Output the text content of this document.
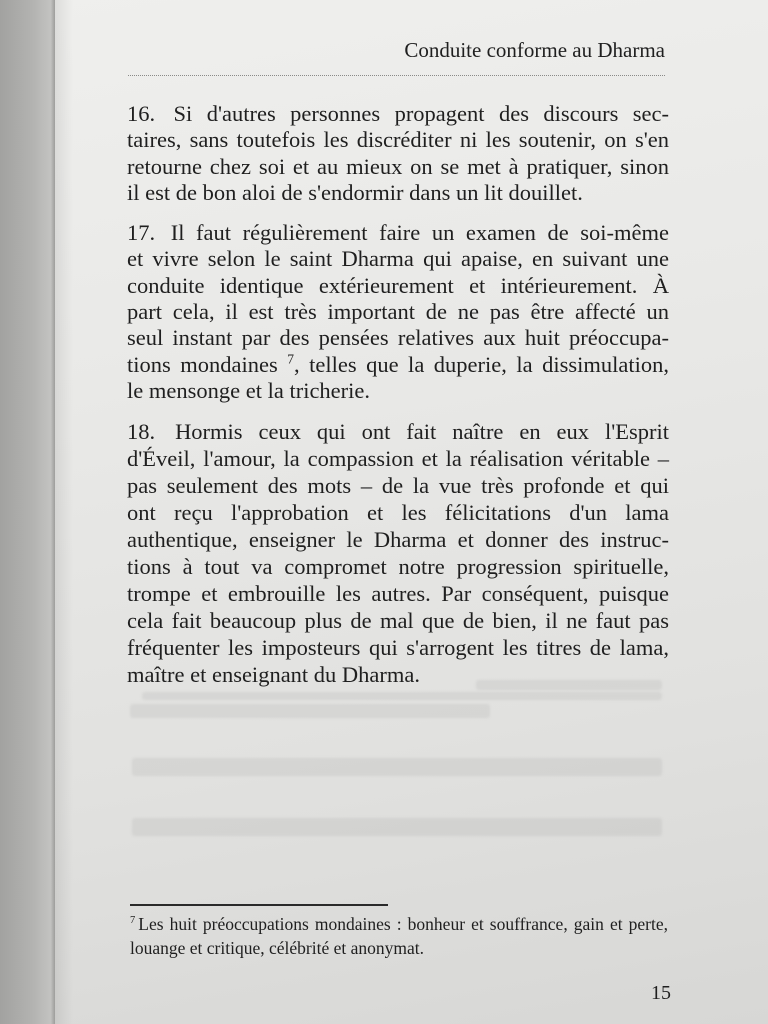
Conduite conforme au Dharma
16. Si d'autres personnes propagent des discours sec-
taires, sans toutefois les discréditer ni les soutenir, on s'en
retourne chez soi et au mieux on se met à pratiquer, sinon
il est de bon aloi de s'endormir dans un lit douillet.
17. Il faut régulièrement faire un examen de soi-même
et vivre selon le saint Dharma qui apaise, en suivant une
conduite identique extérieurement et intérieurement. À
part cela, il est très important de ne pas être affecté un
seul instant par des pensées relatives aux huit préoccupa-
tions mondaines $^7$, telles que la duperie, la dissimulation,
le mensonge et la tricherie.
18. Hormis ceux qui ont fait naître en eux l'Esprit
d'Éveil, l'amour, la compassion et la réalisation véritable –
pas seulement des mots – de la vue très profonde et qui
ont reçu l'approbation et les félicitations d'un lama
authentique, enseigner le Dharma et donner des instruc-
tions à tout va compromet notre progression spirituelle,
trompe et embrouille les autres. Par conséquent, puisque
cela fait beaucoup plus de mal que de bien, il ne faut pas
fréquenter les imposteurs qui s'arrogent les titres de lama,
maître et enseignant du Dharma.
$^7$ Les huit préoccupations mondaines : bonheur et souffrance, gain et perte,
louange et critique, célébrité et anonymat.
15
